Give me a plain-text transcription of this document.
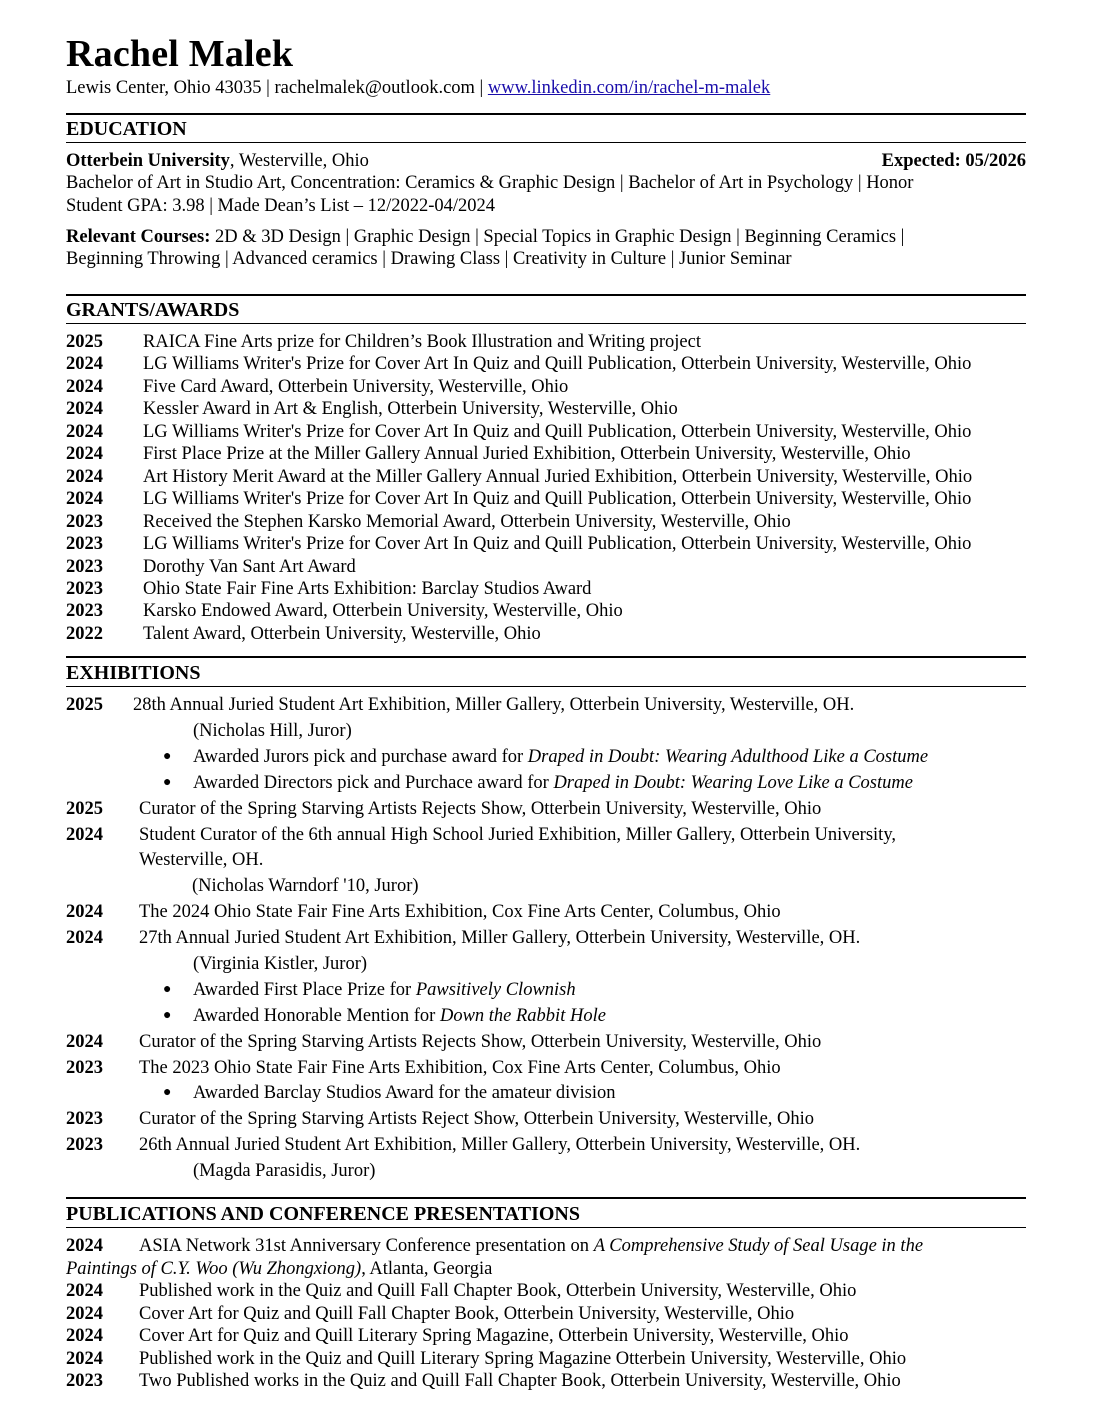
Rachel Malek
Lewis Center, Ohio 43035 | rachelmalek@outlook.com | www.linkedin.com/in/rachel-m-malek
EDUCATION
Otterbein University, Westerville, Ohio	Expected: 05/2026
Bachelor of Art in Studio Art, Concentration: Ceramics & Graphic Design | Bachelor of Art in Psychology | Honor
Student GPA: 3.98 | Made Dean’s List – 12/2022-04/2024
Relevant Courses: 2D & 3D Design | Graphic Design | Special Topics in Graphic Design | Beginning Ceramics |
Beginning Throwing | Advanced ceramics | Drawing Class | Creativity in Culture | Junior Seminar
GRANTS/AWARDS
2025 RAICA Fine Arts prize for Children’s Book Illustration and Writing project
2024 LG Williams Writer's Prize for Cover Art In Quiz and Quill Publication, Otterbein University, Westerville, Ohio
2024 Five Card Award, Otterbein University, Westerville, Ohio
2024 Kessler Award in Art & English, Otterbein University, Westerville, Ohio
2024 LG Williams Writer's Prize for Cover Art In Quiz and Quill Publication, Otterbein University, Westerville, Ohio
2024 First Place Prize at the Miller Gallery Annual Juried Exhibition, Otterbein University, Westerville, Ohio
2024 Art History Merit Award at the Miller Gallery Annual Juried Exhibition, Otterbein University, Westerville, Ohio
2024 LG Williams Writer's Prize for Cover Art In Quiz and Quill Publication, Otterbein University, Westerville, Ohio
2023 Received the Stephen Karsko Memorial Award, Otterbein University, Westerville, Ohio
2023 LG Williams Writer's Prize for Cover Art In Quiz and Quill Publication, Otterbein University, Westerville, Ohio
2023 Dorothy Van Sant Art Award
2023 Ohio State Fair Fine Arts Exhibition: Barclay Studios Award
2023 Karsko Endowed Award, Otterbein University, Westerville, Ohio
2022 Talent Award, Otterbein University, Westerville, Ohio
EXHIBITIONS
2025 28th Annual Juried Student Art Exhibition, Miller Gallery, Otterbein University, Westerville, OH.
(Nicholas Hill, Juror)
● Awarded Jurors pick and purchase award for Draped in Doubt: Wearing Adulthood Like a Costume
● Awarded Directors pick and Purchace award for Draped in Doubt: Wearing Love Like a Costume
2025 Curator of the Spring Starving Artists Rejects Show, Otterbein University, Westerville, Ohio
2024 Student Curator of the 6th annual High School Juried Exhibition, Miller Gallery, Otterbein University,
Westerville, OH.
(Nicholas Warndorf '10, Juror)
2024 The 2024 Ohio State Fair Fine Arts Exhibition, Cox Fine Arts Center, Columbus, Ohio
2024 27th Annual Juried Student Art Exhibition, Miller Gallery, Otterbein University, Westerville, OH.
(Virginia Kistler, Juror)
● Awarded First Place Prize for Pawsitively Clownish
● Awarded Honorable Mention for Down the Rabbit Hole
2024 Curator of the Spring Starving Artists Rejects Show, Otterbein University, Westerville, Ohio
2023 The 2023 Ohio State Fair Fine Arts Exhibition, Cox Fine Arts Center, Columbus, Ohio
● Awarded Barclay Studios Award for the amateur division
2023 Curator of the Spring Starving Artists Reject Show, Otterbein University, Westerville, Ohio
2023 26th Annual Juried Student Art Exhibition, Miller Gallery, Otterbein University, Westerville, OH.
(Magda Parasidis, Juror)
PUBLICATIONS AND CONFERENCE PRESENTATIONS
2024 ASIA Network 31st Anniversary Conference presentation on A Comprehensive Study of Seal Usage in the
Paintings of C.Y. Woo (Wu Zhongxiong), Atlanta, Georgia
2024 Published work in the Quiz and Quill Fall Chapter Book, Otterbein University, Westerville, Ohio
2024 Cover Art for Quiz and Quill Fall Chapter Book, Otterbein University, Westerville, Ohio
2024 Cover Art for Quiz and Quill Literary Spring Magazine, Otterbein University, Westerville, Ohio
2024 Published work in the Quiz and Quill Literary Spring Magazine Otterbein University, Westerville, Ohio
2023 Two Published works in the Quiz and Quill Fall Chapter Book, Otterbein University, Westerville, Ohio
